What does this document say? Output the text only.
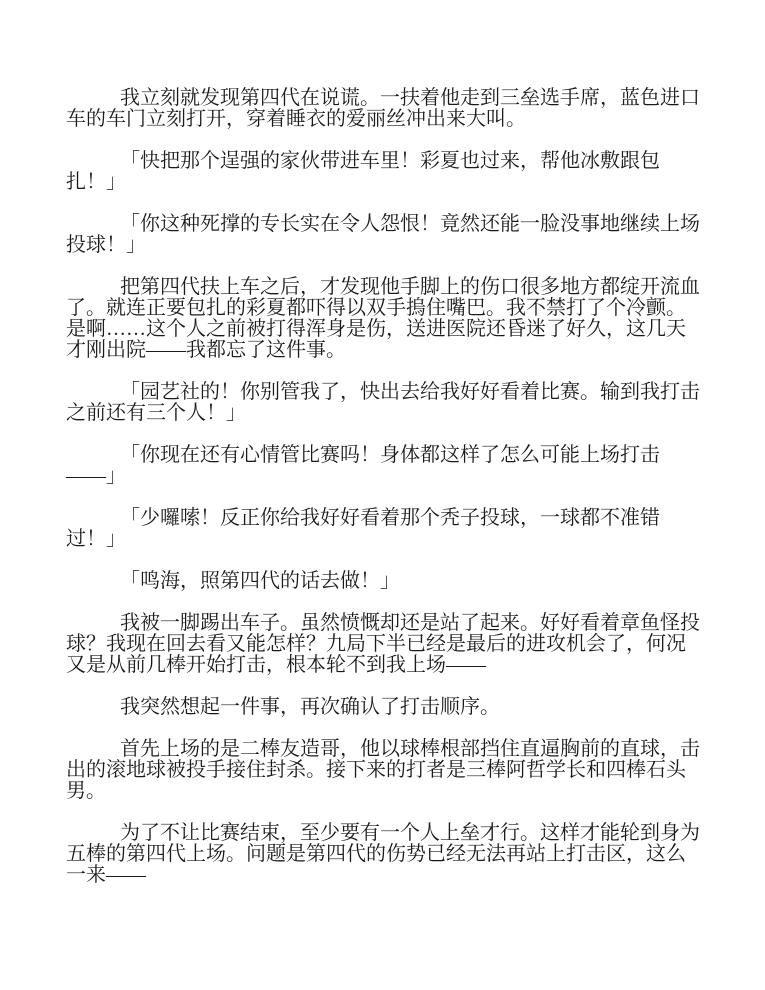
我立刻就发现第四代在说谎。一扶着他走到三垒选手席，蓝色进口车的车门立刻打开，穿着睡衣的爱丽丝冲出来大叫。

「快把那个逞强的家伙带进车里！彩夏也过来，帮他冰敷跟包扎！」

「你这种死撑的专长实在令人怨恨！竟然还能一脸没事地继续上场投球！」

把第四代扶上车之后，才发现他手脚上的伤口很多地方都绽开流血了。就连正要包扎的彩夏都吓得以双手摀住嘴巴。我不禁打了个冷颤。是啊……这个人之前被打得浑身是伤，送进医院还昏迷了好久，这几天才刚出院——我都忘了这件事。

「园艺社的！你别管我了，快出去给我好好看着比赛。输到我打击之前还有三个人！」

「你现在还有心情管比赛吗！身体都这样了怎么可能上场打击——」

「少囉嗦！反正你给我好好看着那个秃子投球，一球都不准错过！」

「鸣海，照第四代的话去做！」

我被一脚踢出车子。虽然愤慨却还是站了起来。好好看着章鱼怪投球？我现在回去看又能怎样？九局下半已经是最后的进攻机会了，何况又是从前几棒开始打击，根本轮不到我上场——

我突然想起一件事，再次确认了打击顺序。

首先上场的是二棒友造哥，他以球棒根部挡住直逼胸前的直球，击出的滚地球被投手接住封杀。接下来的打者是三棒阿哲学长和四棒石头男。

为了不让比赛结束，至少要有一个人上垒才行。这样才能轮到身为五棒的第四代上场。问题是第四代的伤势已经无法再站上打击区，这么一来——
